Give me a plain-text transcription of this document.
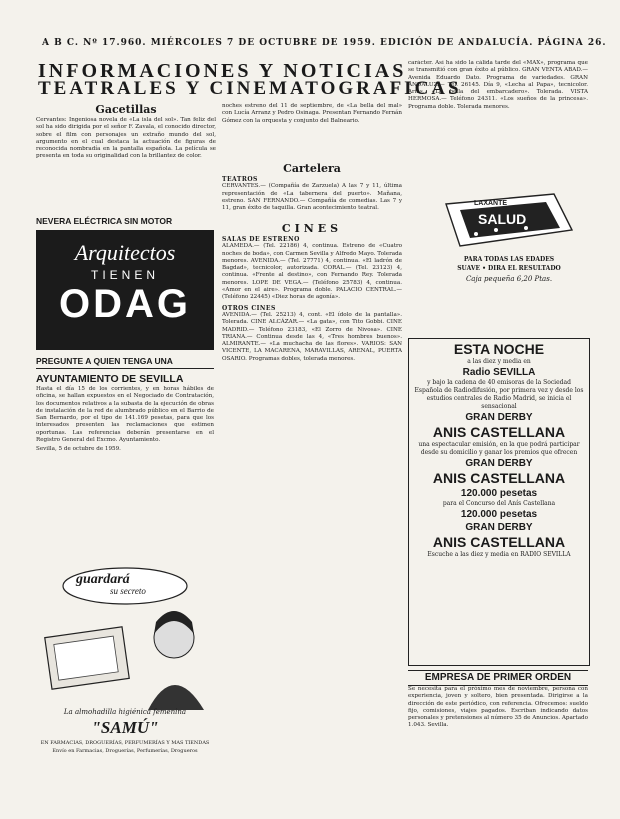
A B C. Nº 17.960. MIÉRCOLES 7 DE OCTUBRE DE 1959. EDICIÓN DE ANDALUCÍA. PÁGINA 26.
INFORMACIONES Y NOTICIAS
TEATRALES Y CINEMATOGRAFICAS
Gacetillas
Cervantes: Ingeniosa novela de «La isla del sol». Tan feliz del sol ha sido dirigida por el señor F. Zavala, el conocido director, sobre el film con personajes un extraño mundo del sol, argumento en el cual destaca la actuación de figuras de reconocida nombradía en la pantalla española. La película se presenta en toda su originalidad con la brillantez de color.
NEVERA ELÉCTRICA SIN MOTOR
Arquitectos
TIENEN
ODAG
PREGUNTE A QUIEN TENGA UNA
AYUNTAMIENTO DE SEVILLA
Hasta el día 15 de los corrientes, y en horas hábiles de oficina, se hallan expuestos en el Negociado de Contratación, los documentos relativos a la subasta de la ejecución de obras de instalación de la red de alumbrado público en el Barrio de San Bernardo, por el tipo de 141.169 pesetas, para que los interesados presenten las reclamaciones que estimen oportunas. Las referencias deberán presentarse en el Registro General del Excmo. Ayuntamiento.
Sevilla, 5 de octubre de 1959.
guardará
su secreto
La almohadilla higiénica femenina
"SAMÚ"
EN FARMACIAS, DROGUERÍAS, PERFUMERÍAS Y MAS TIENDAS
Envío en Farmacias, Droguerías, Perfumerías, Drogueros
noches estreno del 11 de septiembre, de «La bella del mal» con Lucía Arranz y Pedro Osinaga. Presentan Fernando Fernán Gómez con la orquesta y conjunto del Balneario.
Cartelera
TEATROS
CERVANTES.— (Compañía de Zarzuela) A las 7 y 11, última representación de «La tabernera del puerto». Mañana, estreno. SAN FERNANDO.— Compañía de comedias. Las 7 y 11, gran éxito de taquilla. Gran acontecimiento teatral.
CINES
SALAS DE ESTRENO
ALAMEDA.— (Tel. 22186) 4, continua. Estreno de «Cuatro noches de boda», con Carmen Sevilla y Alfredo Mayo. Tolerada menores. AVENIDA.— (Tel. 27771) 4, continua. «El ladrón de Bagdad», tecnicolor, autorizada. CORAL.— (Tel. 23123) 4, continua. «Frente al destino», con Fernando Rey. Tolerada menores. LOPE DE VEGA.— (Teléfono 25783) 4, continua. «Amor en el aire». Programa doble. PALACIO CENTRAL.— (Teléfono 22445) «Diez horas de agonía».
OTROS CINES
AVENIDA.— (Tel. 25213) 4, cont. «El ídolo de la pantalla». Tolerada. CINE ALCÁZAR.— «La gata», con Tito Gobbi. CINE MADRID.— Teléfono 23183, «El Zorro de Nivosa». CINE TRIANA.— Continua desde las 4, «Tres hombres buenos». ALMIRANTE.— «La muchacha de las flores». VARIOS: SAN VICENTE, LA MACARENA, MARAVILLAS, ARENAL, PUERTA OSARIO. Programas dobles, tolerada menores.
carácter. Así ha sido la cálida tarde del «MAX», programa que se transmitió con gran éxito al público. GRAN VENTA ABAD.— Avenida Eduardo Dato. Programa de variedades. GRAN ANDALUZ.— Tel. 26145. Día 9, «Lecha al Papa», tecnicolor. Arias. «La bella del embarcadero». Tolerada. VISTA HERMOSA.— Teléfono 24311. «Los sueños de la princesa». Programa doble. Tolerada menores.
LAXANTE
SALUD
PARA TODAS LAS EDADES
SUAVE • DIRA EL RESULTADO
Caja pequeña 6,20 Ptas.
ESTA NOCHE
a las diez y media en
Radio SEVILLA
y bajo la cadena de 40 emisoras de la Sociedad Española de Radiodifusión, por primera vez y desde los estudios centrales de Radio Madrid, se inicia el sensacional
GRAN DERBY
ANIS CASTELLANA
una espectacular emisión, en la que podrá participar desde su domicilio y ganar los premios que ofrecen
GRAN DERBY
ANIS CASTELLANA
120.000 pesetas
para el Concurso del Anís Castellana
120.000 pesetas
GRAN DERBY
ANIS CASTELLANA
Escuche a las diez y media en RADIO SEVILLA
EMPRESA DE PRIMER ORDEN
Se necesita para el próximo mes de noviembre, persona con experiencia, joven y soltero, bien presentada. Dirigirse a la dirección de este periódico, con referencia. Ofrecemos: sueldo fijo, comisiones, viajes pagados. Escriban indicando datos personales y pretensiones al número 35 de Anuncios. Apartado 1.043. Sevilla.
